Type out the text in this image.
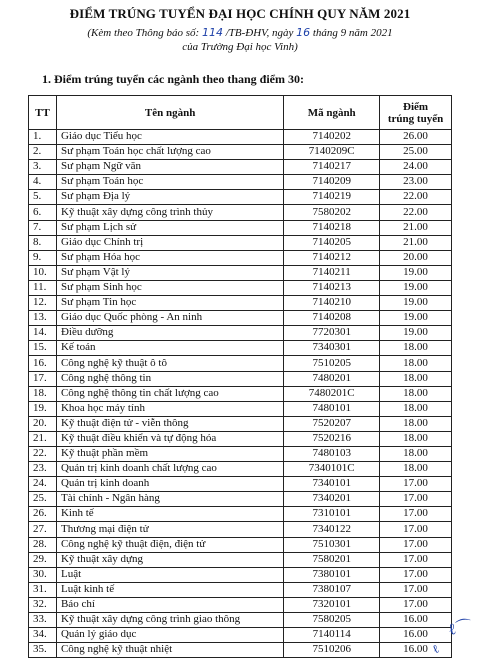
ĐIỂM TRÚNG TUYỂN ĐẠI HỌC CHÍNH QUY NĂM 2021
(Kèm theo Thông báo số: 114 /TB-ĐHV, ngày 16 tháng 9 năm 2021
của Trường Đại học Vinh)
1. Điểm trúng tuyển các ngành theo thang điểm 30:
TT	Tên ngành	Mã ngành	Điểm
trúng tuyển
1.	Giáo dục Tiểu học	7140202	26.00
2.	Sư phạm Toán học chất lượng cao	7140209C	25.00
3.	Sư phạm Ngữ văn	7140217	24.00
4.	Sư phạm Toán học	7140209	23.00
5.	Sư phạm Địa lý	7140219	22.00
6.	Kỹ thuật xây dựng công trình thủy	7580202	22.00
7.	Sư phạm Lịch sử	7140218	21.00
8.	Giáo dục Chính trị	7140205	21.00
9.	Sư phạm Hóa học	7140212	20.00
10.	Sư phạm Vật lý	7140211	19.00
11.	Sư phạm Sinh học	7140213	19.00
12.	Sư phạm Tin học	7140210	19.00
13.	Giáo dục Quốc phòng - An ninh	7140208	19.00
14.	Điều dưỡng	7720301	19.00
15.	Kế toán	7340301	18.00
16.	Công nghệ kỹ thuật ô tô	7510205	18.00
17.	Công nghệ thông tin	7480201	18.00
18.	Công nghệ thông tin chất lượng cao	7480201C	18.00
19.	Khoa học máy tính	7480101	18.00
20.	Kỹ thuật điện tử - viễn thông	7520207	18.00
21.	Kỹ thuật điều khiển và tự động hóa	7520216	18.00
22.	Kỹ thuật phần mềm	7480103	18.00
23.	Quản trị kinh doanh chất lượng cao	7340101C	18.00
24.	Quản trị kinh doanh	7340101	17.00
25.	Tài chính - Ngân hàng	7340201	17.00
26.	Kinh tế	7310101	17.00
27.	Thương mại điện tử	7340122	17.00
28.	Công nghệ kỹ thuật điện, điện tử	7510301	17.00
29.	Kỹ thuật xây dựng	7580201	17.00
30.	Luật	7380101	17.00
31.	Luật kinh tế	7380107	17.00
32.	Báo chí	7320101	17.00
33.	Kỹ thuật xây dựng công trình giao thông	7580205	16.00
34.	Quản lý giáo dục	7140114	16.00
35.	Công nghệ kỹ thuật nhiệt	7510206	16.00
ℓ⌒
ℓ
